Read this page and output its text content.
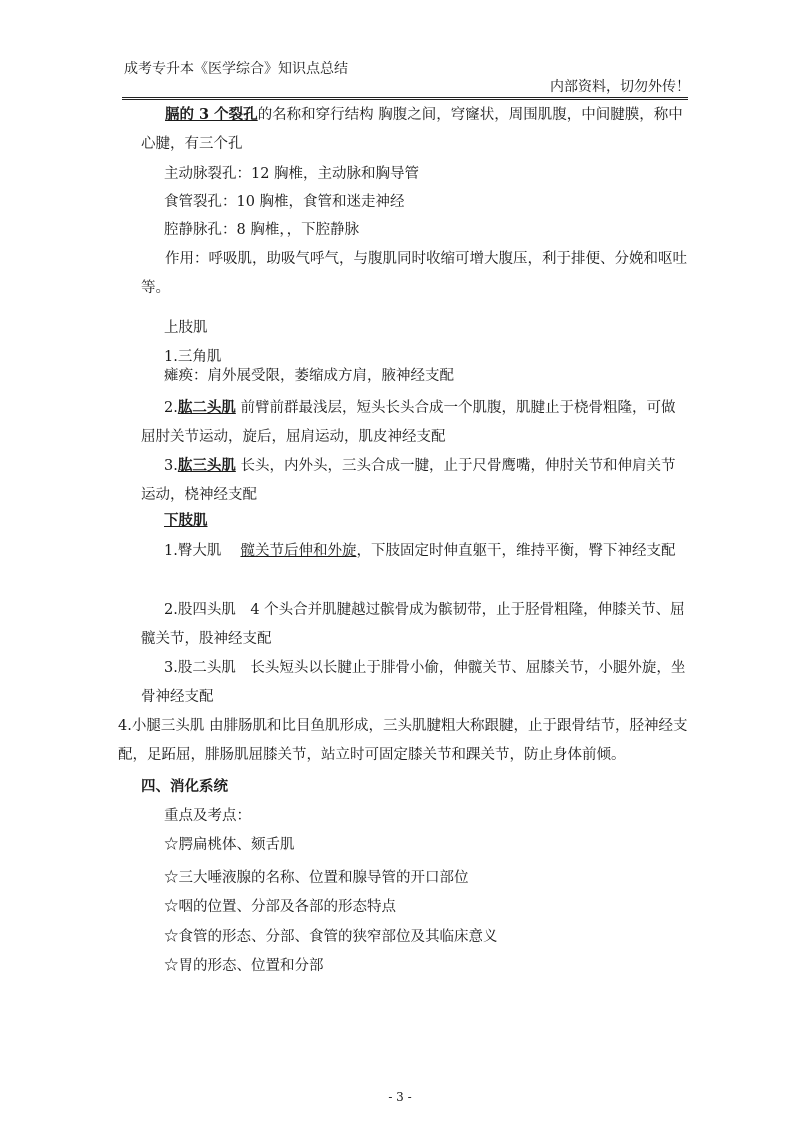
成考专升本《医学综合》知识点总结
内部资料，切勿外传！
膈的 3 个裂孔的名称和穿行结构 胸腹之间，穹窿状，周围肌腹，中间腱膜，称中心腱，有三个孔
主动脉裂孔：12 胸椎，主动脉和胸导管
食管裂孔：10 胸椎，食管和迷走神经
腔静脉孔：8 胸椎，，下腔静脉
作用：呼吸肌，助吸气呼气，与腹肌同时收缩可增大腹压，利于排便、分娩和呕吐等。
上肢肌
1.三角肌
瘫痪：肩外展受限，萎缩成方肩，腋神经支配
2.肱二头肌 前臂前群最浅层，短头长头合成一个肌腹，肌腱止于桡骨粗隆，可做屈肘关节运动，旋后，屈肩运动，肌皮神经支配
3.肱三头肌 长头，内外头，三头合成一腱，止于尺骨鹰嘴，伸肘关节和伸肩关节运动，桡神经支配
下肢肌
1.臀大肌　 髋关节后伸和外旋，下肢固定时伸直躯干，维持平衡，臀下神经支配
2.股四头肌　4 个头合并肌腱越过髌骨成为髌韧带，止于胫骨粗隆，伸膝关节、屈髋关节，股神经支配
3.股二头肌　长头短头以长腱止于腓骨小偷，伸髋关节、屈膝关节，小腿外旋，坐骨神经支配
4.小腿三头肌 由腓肠肌和比目鱼肌形成，三头肌腱粗大称跟腱，止于跟骨结节，胫神经支配，足跖屈，腓肠肌屈膝关节，站立时可固定膝关节和踝关节，防止身体前倾。
四、消化系统
重点及考点：
☆腭扁桃体、颏舌肌
☆三大唾液腺的名称、位置和腺导管的开口部位
☆咽的位置、分部及各部的形态特点
☆食管的形态、分部、食管的狭窄部位及其临床意义
☆胃的形态、位置和分部
- 3 -
